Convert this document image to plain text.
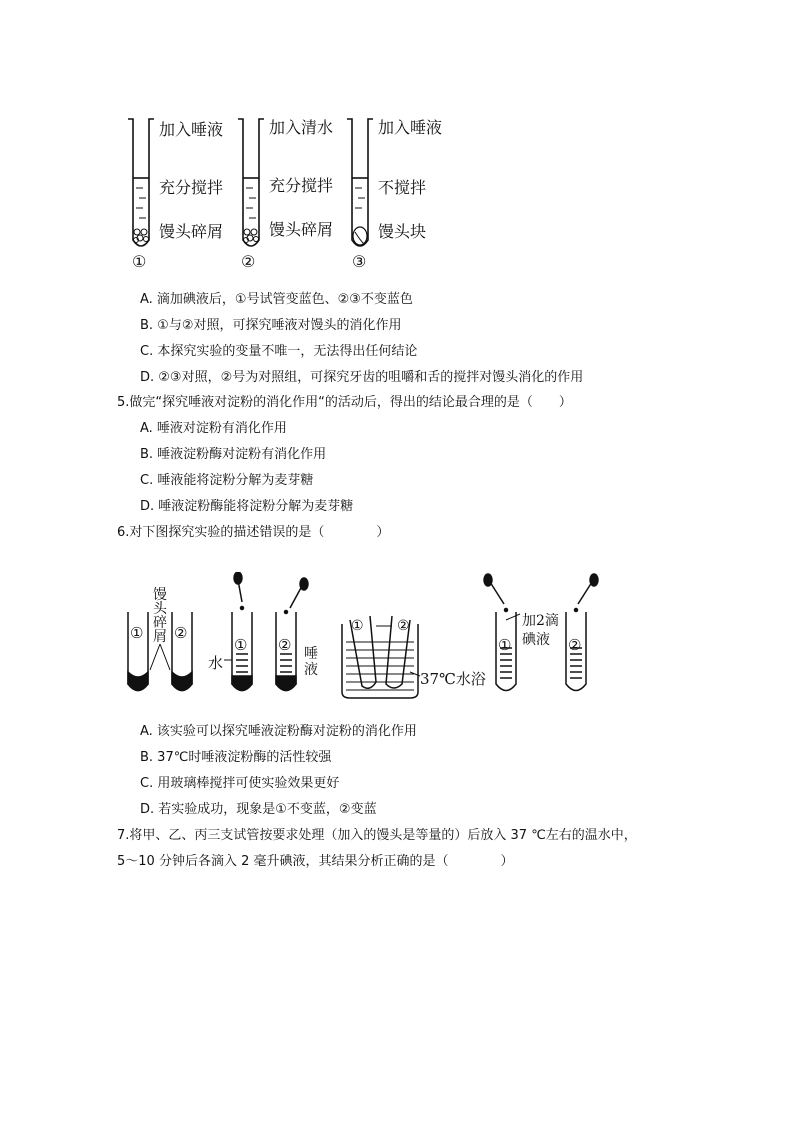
①	②	③
加入唾液
充分搅拌
馒头碎屑
加入清水
充分搅拌
馒头碎屑
加入唾液
不搅拌
馒头块
A. 滴加碘液后，①号试管变蓝色、②③不变蓝色
B. ①与②对照，可探究唾液对馒头的消化作用
C. 本探究实验的变量不唯一，无法得出任何结论
D. ②③对照，②号为对照组，可探究牙齿的咀嚼和舌的搅拌对馒头消化的作用
5.做完“探究唾液对淀粉的消化作用“的活动后，得出的结论最合理的是（　　）
A. 唾液对淀粉有消化作用
B. 唾液淀粉酶对淀粉有消化作用
C. 唾液能将淀粉分解为麦芽糖
D. 唾液淀粉酶能将淀粉分解为麦芽糖
6.对下图探究实验的描述错误的是（　　　　）
馒头碎屑
① ②
① ②
水	唾液
① ②
37℃水浴
①	②
加2滴碘液
A. 该实验可以探究唾液淀粉酶对淀粉的消化作用
B. 37℃时唾液淀粉酶的活性较强
C. 用玻璃棒搅拌可使实验效果更好
D. 若实验成功，现象是①不变蓝，②变蓝
7.将甲、乙、丙三支试管按要求处理（加入的馒头是等量的）后放入 37 ℃左右的温水中，
5～10 分钟后各滴入 2 毫升碘液，其结果分析正确的是（　　　　）
